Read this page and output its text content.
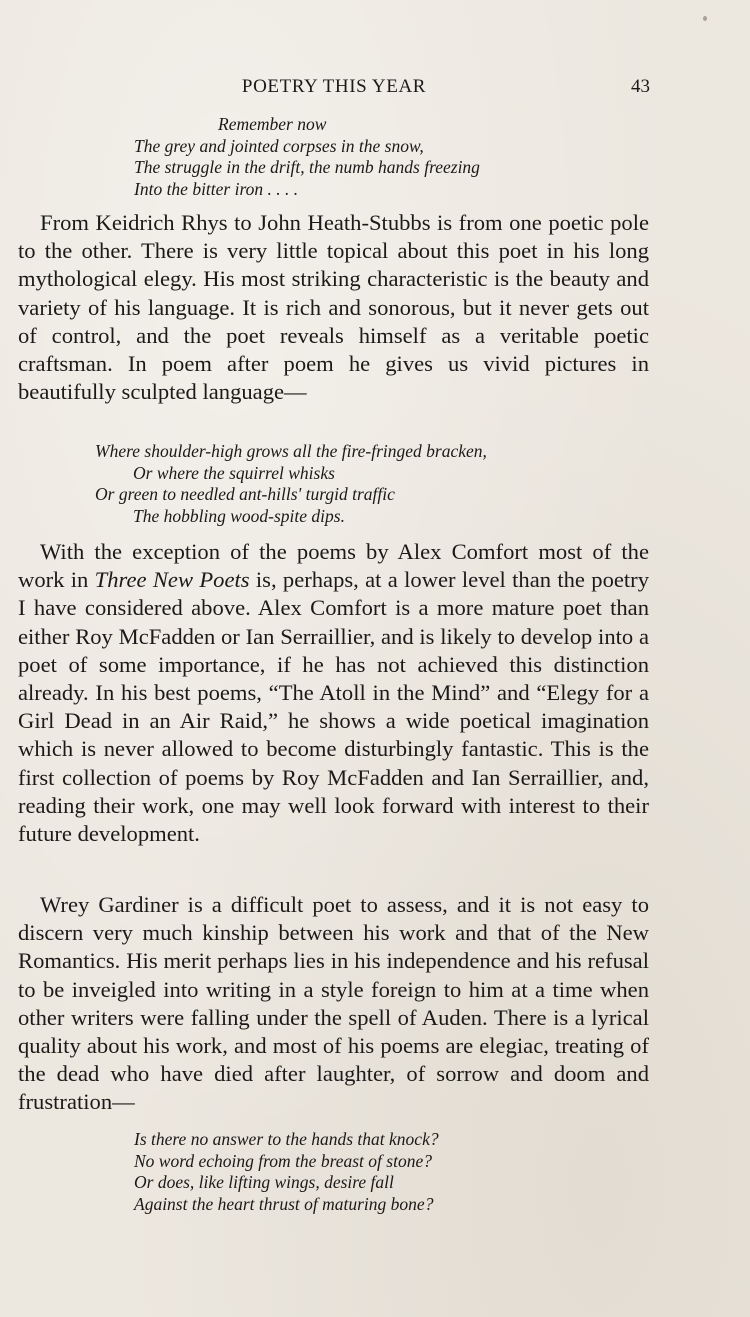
POETRY THIS YEAR	43
Remember now
The grey and jointed corpses in the snow,
The struggle in the drift, the numb hands freezing
Into the bitter iron . . . .

From Keidrich Rhys to John Heath-Stubbs is from one poetic pole to the other. There is very little topical about this poet in his long mythological elegy. His most striking characteristic is the beauty and variety of his language. It is rich and sonorous, but it never gets out of control, and the poet reveals himself as a veritable poetic craftsman. In poem after poem he gives us vivid pictures in beautifully sculpted language—

Where shoulder-high grows all the fire-fringed bracken,
Or where the squirrel whisks
Or green to needled ant-hills' turgid traffic
The hobbling wood-spite dips.

With the exception of the poems by Alex Comfort most of the work in Three New Poets is, perhaps, at a lower level than the poetry I have considered above. Alex Comfort is a more mature poet than either Roy McFadden or Ian Serraillier, and is likely to develop into a poet of some importance, if he has not achieved this distinction already. In his best poems, “The Atoll in the Mind” and “Elegy for a Girl Dead in an Air Raid,” he shows a wide poetical imagination which is never allowed to become disturbingly fantastic. This is the first collection of poems by Roy McFadden and Ian Serraillier, and, reading their work, one may well look forward with interest to their future development.

Wrey Gardiner is a difficult poet to assess, and it is not easy to discern very much kinship between his work and that of the New Romantics. His merit perhaps lies in his independence and his refusal to be inveigled into writing in a style foreign to him at a time when other writers were falling under the spell of Auden. There is a lyrical quality about his work, and most of his poems are elegiac, treating of the dead who have died after laughter, of sorrow and doom and frustration—

Is there no answer to the hands that knock?
No word echoing from the breast of stone?
Or does, like lifting wings, desire fall
Against the heart thrust of maturing bone?
